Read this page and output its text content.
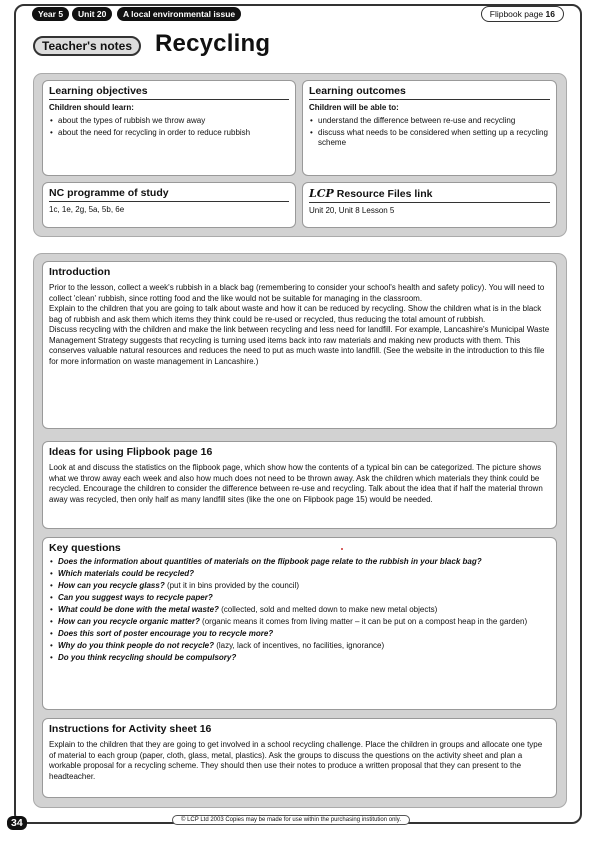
Year 5	Unit 20	A local environmental issue	Flipbook page 16
Teacher's notes Recycling
Learning objectives
Children should learn:
• about the types of rubbish we throw away
• about the need for recycling in order to reduce rubbish
Learning outcomes
Children will be able to:
• understand the difference between re-use and recycling
• discuss what needs to be considered when setting up a recycling scheme
NC programme of study
1c, 1e, 2g, 5a, 5b, 6e
LCP Resource Files link
Unit 20, Unit 8 Lesson 5
Introduction

Prior to the lesson, collect a week's rubbish in a black bag (remembering to consider your school's health and safety policy). You will need to collect 'clean' rubbish, since rotting food and the like would not be suitable for managing in the classroom.

Explain to the children that you are going to talk about waste and how it can be reduced by recycling. Show the children what is in the black bag of rubbish and ask them which items they think could be re-used or recycled, thus reducing the total amount of rubbish.

Discuss recycling with the children and make the link between recycling and less need for landfill. For example, Lancashire's Municipal Waste Management Strategy suggests that recycling is turning used items back into raw materials and making new products with them. This conserves valuable natural resources and reduces the need to put as much waste into landfill. (See the website in the introduction to this file for more information on waste management in Lancashire.)

Ideas for using Flipbook page 16

Look at and discuss the statistics on the flipbook page, which show how the contents of a typical bin can be categorized. The picture shows what we throw away each week and also how much does not need to be thrown away. Ask the children which materials they think could be recycled. Encourage the children to consider the difference between re-use and recycling. Talk about the idea that if half the material thrown away was recycled, then only half as many landfill sites (like the one on Flipbook page 15) would be needed.

Key questions
• Does the information about quantities of materials on the flipbook page relate to the rubbish in your black bag?
• Which materials could be recycled?
• How can you recycle glass? (put it in bins provided by the council)
• Can you suggest ways to recycle paper?
• What could be done with the metal waste? (collected, sold and melted down to make new metal objects)
• How can you recycle organic matter? (organic means it comes from living matter – it can be put on a compost heap in the garden)
• Does this sort of poster encourage you to recycle more?
• Why do you think people do not recycle? (lazy, lack of incentives, no facilities, ignorance)
• Do you think recycling should be compulsory?
Instructions for Activity sheet 16

Explain to the children that they are going to get involved in a school recycling challenge. Place the children in groups and allocate one type of material to each group (paper, cloth, glass, metal, plastics). Ask the groups to discuss the questions on the activity sheet and plan a workable proposal for a recycling scheme. They should then use their notes to produce a written proposal that they can present to the headteacher.

34	© LCP Ltd 2003 Copies may be made for use within the purchasing institution only.
